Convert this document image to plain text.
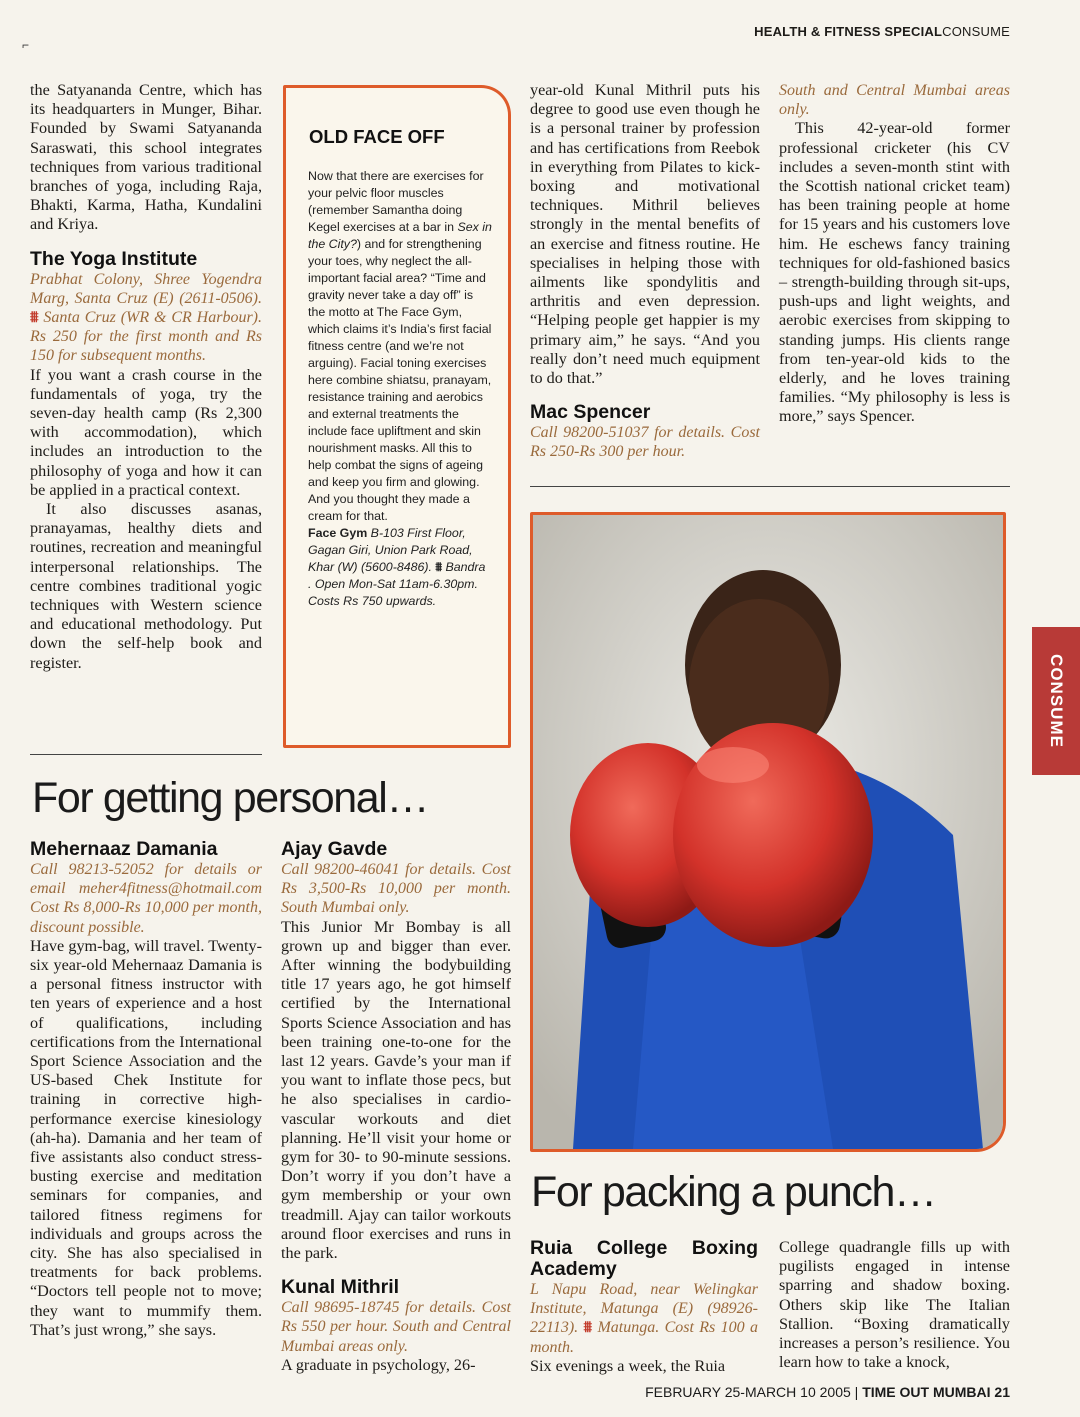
HEALTH & FITNESS SPECIALCONSUME
⌐

the Satyananda Centre, which has its headquarters in Munger, Bihar. Founded by Swami Satyananda Saraswati, this school integrates techniques from various traditional branches of yoga, including Raja, Bhakti, Karma, Hatha, Kundalini and Kriya.

The Yoga Institute

Prabhat Colony, Shree Yogendra Marg, Santa Cruz (E) (2611-0506). ⩩ Santa Cruz (WR & CR Harbour). Rs 250 for the first month and Rs 150 for subsequent months.

If you want a crash course in the fundamentals of yoga, try the seven-day health camp (Rs 2,300 with accommodation), which includes an introduction to the philosophy of yoga and how it can be applied in a practical context.

It also discusses asanas, pranayamas, healthy diets and routines, recreation and meaningful interpersonal relationships. The centre combines traditional yogic techniques with Western science and educational methodology. Put down the self-help book and register.

OLD FACE OFF

Now that there are exercises for your pelvic floor muscles (remember Samantha doing Kegel exercises at a bar in Sex in the City?) and for strengthening your toes, why neglect the all-important facial area? “Time and gravity never take a day off” is the motto at The Face Gym, which claims it’s India’s first facial fitness centre (and we’re not arguing). Facial toning exercises here combine shiatsu, pranayam, resistance training and aerobics and external treatments the include face upliftment and skin nourishment masks. All this to help combat the signs of ageing and keep you firm and glowing.

And you thought they made a cream for that.

Face Gym B-103 First Floor, Gagan Giri, Union Park Road, Khar (W) (5600-8486). ⩩ Bandra . Open Mon-Sat 11am-6.30pm. Costs Rs 750 upwards.

year-old Kunal Mithril puts his degree to good use even though he is a personal trainer by profession and has certifications from Reebok in everything from Pilates to kick-boxing and motivational techniques. Mithril believes strongly in the mental benefits of an exercise and fitness routine. He specialises in helping those with ailments like spondylitis and arthritis and even depression. “Helping people get happier is my primary aim,” he says. “And you really don’t need much equipment to do that.”

Mac Spencer

Call 98200-51037 for details. Cost Rs 250-Rs 300 per hour.

South and Central Mumbai areas only.

This 42-year-old former professional cricketer (his CV includes a seven-month stint with the Scottish national cricket team) has been training people at home for 15 years and his customers love him. He eschews fancy training techniques for old-fashioned basics – strength-building through sit-ups, push-ups and light weights, and aerobic exercises from skipping to standing jumps. His clients range from ten-year-old kids to the elderly, and he loves training families. “My philosophy is less is more,” says Spencer.

For getting personal…
Mehernaaz Damania

Call 98213-52052 for details or email meher4fitness@hotmail.com Cost Rs 8,000-Rs 10,000 per month, discount possible.

Have gym-bag, will travel. Twenty-six year-old Mehernaaz Damania is a personal fitness instructor with ten years of experience and a host of qualifications, including certifications from the International Sport Science Association and the US-based Chek Institute for training in corrective high-performance exercise kinesiology (ah-ha). Damania and her team of five assistants also conduct stress-busting exercise and meditation seminars for companies, and tailored fitness regimens for individuals and groups across the city. She has also specialised in treatments for back problems. “Doctors tell people not to move; they want to mummify them. That’s just wrong,” she says.

Ajay Gavde

Call 98200-46041 for details. Cost Rs 3,500-Rs 10,000 per month. South Mumbai only.

This Junior Mr Bombay is all grown up and bigger than ever. After winning the bodybuilding title 17 years ago, he got himself certified by the International Sports Science Association and has been training one-to-one for the last 12 years. Gavde’s your man if you want to inflate those pecs, but he also specialises in cardio-vascular workouts and diet planning. He’ll visit your home or gym for 30- to 90-minute sessions. Don’t worry if you don’t have a gym membership or your own treadmill. Ajay can tailor workouts around floor exercises and runs in the park.

Kunal Mithril

Call 98695-18745 for details. Cost Rs 550 per hour. South and Central Mumbai areas only.

A graduate in psychology, 26-

CONSUME
For packing a punch…
Ruia College Boxing Academy

L Napu Road, near Welingkar Institute, Matunga (E) (98926-22113). ⩩ Matunga. Cost Rs 100 a month.

Six evenings a week, the Ruia

College quadrangle fills up with pugilists engaged in intense sparring and shadow boxing. Others skip like The Italian Stallion. “Boxing dramatically increases a person’s resilience. You learn how to take a knock,

FEBRUARY 25-MARCH 10 2005 | TIME OUT MUMBAI 21
